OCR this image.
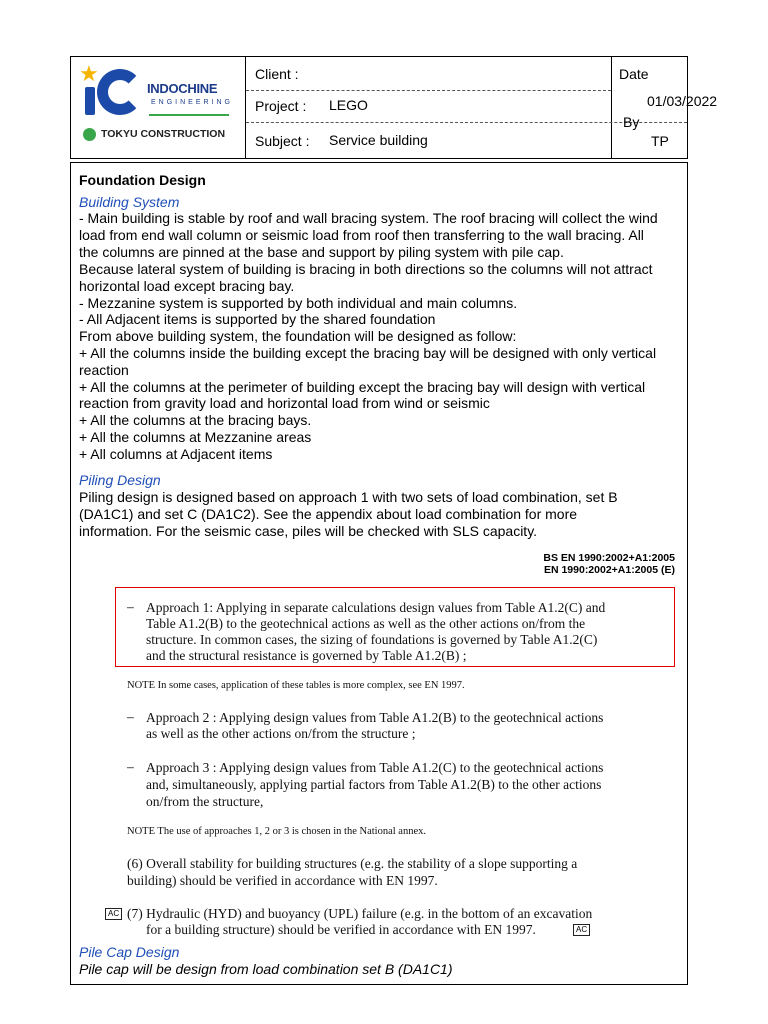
★
INDOCHINE
ENGINEERING
TOKYU CONSTRUCTION
Client :
Project : LEGO
Subject : Service building
Date
01/03/2022
By
TP
Foundation Design
Building System
- Main building is stable by roof and wall bracing system. The roof bracing will collect the wind
load from end wall column or seismic load from roof then transferring to the wall bracing. All
the columns are pinned at the base and support by piling system with pile cap.
Because lateral system of building is bracing in both directions so the columns will not attract
horizontal load except bracing bay.
- Mezzanine system is supported by both individual and main columns.
- All Adjacent items is supported by the shared foundation
From above building system, the foundation will be designed as follow:
+ All the columns inside the building except the bracing bay will be designed with only vertical
reaction
+ All the columns at the perimeter of building except the bracing bay will design with vertical
reaction from gravity load and horizontal load from wind or seismic
+ All the columns at the bracing bays.
+ All the columns at Mezzanine areas
+ All columns at Adjacent items
Piling Design
Piling design is designed based on approach 1 with two sets of load combination, set B
(DA1C1) and set C (DA1C2). See the appendix about load combination for more
information. For the seismic case, piles will be checked with SLS capacity.
BS EN 1990:2002+A1:2005
EN 1990:2002+A1:2005 (E)
– Approach 1: Applying in separate calculations design values from Table A1.2(C) and
Table A1.2(B) to the geotechnical actions as well as the other actions on/from the
structure. In common cases, the sizing of foundations is governed by Table A1.2(C)
and the structural resistance is governed by Table A1.2(B) ;
NOTE In some cases, application of these tables is more complex, see EN 1997.
– Approach 2 : Applying design values from Table A1.2(B) to the geotechnical actions
as well as the other actions on/from the structure ;
– Approach 3 : Applying design values from Table A1.2(C) to the geotechnical actions
and, simultaneously, applying partial factors from Table A1.2(B) to the other actions
on/from the structure,
NOTE The use of approaches 1, 2 or 3 is chosen in the National annex.
(6) Overall stability for building structures (e.g. the stability of a slope supporting a
building) should be verified in accordance with EN 1997.
AC (7) Hydraulic (HYD) and buoyancy (UPL) failure (e.g. in the bottom of an excavation
for a building structure) should be verified in accordance with EN 1997.	AC
Pile Cap Design
Pile cap will be design from load combination set B (DA1C1)
